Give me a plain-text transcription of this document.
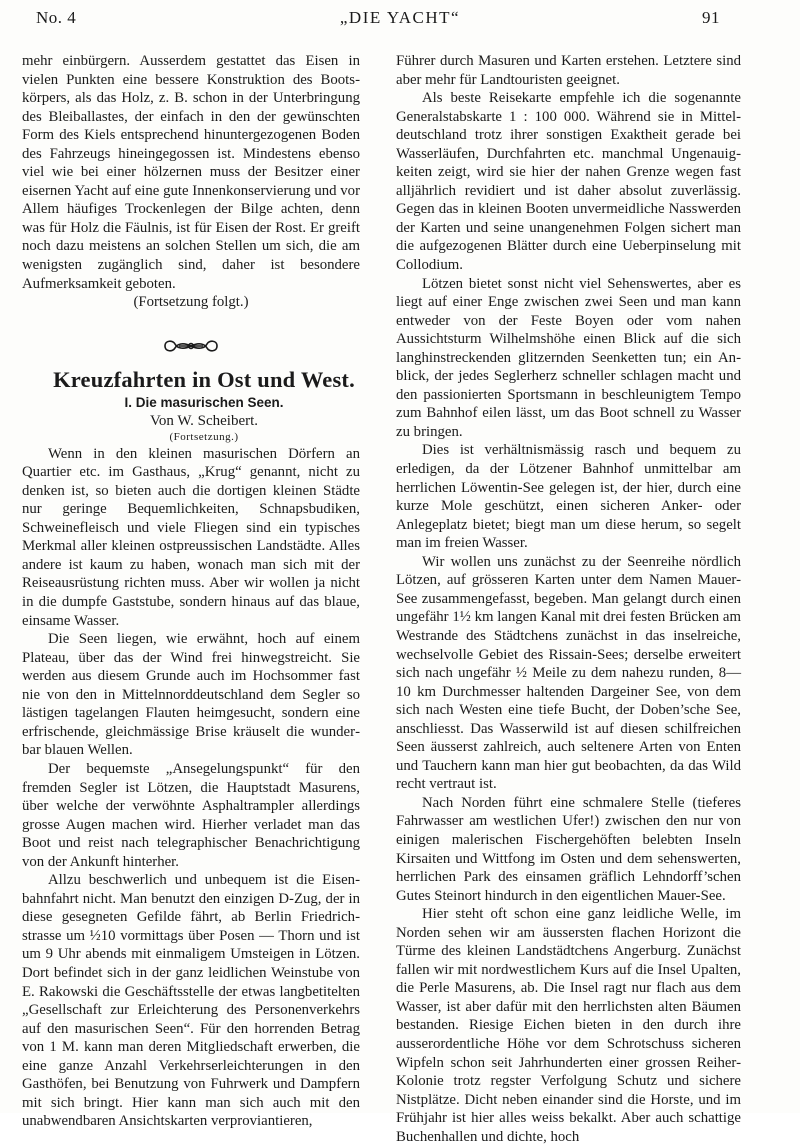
„DIE YACHT“
No. 4	91

mehr einbürgern. Ausserdem gestattet das Eisen in vielen Punkten eine bessere Konstruktion des Bootskörpers, als das Holz, z. B. schon in der Unterbringung des Bleiballastes, der einfach in den der gewünschten Form des Kiels entsprechend hinuntergezogenen Boden des Fahrzeugs hineingegossen ist. Mindestens ebenso viel wie bei einer hölzernen muss der Besitzer einer eisernen Yacht auf eine gute Innenkonservierung und vor Allem häufiges Trockenlegen der Bilge achten, denn was für Holz die Fäulnis, ist für Eisen der Rost. Er greift noch dazu meistens an solchen Stellen um sich, die am wenigsten zugänglich sind, daher ist besondere Aufmerksamkeit geboten.

(Fortsetzung folgt.)

Kreuzfahrten in Ost und West.

I. Die masurischen Seen.

Von W. Scheibert.

(Fortsetzung.)

Wenn in den kleinen masurischen Dörfern an Quartier etc. im Gasthaus, „Krug“ genannt, nicht zu denken ist, so bieten auch die dortigen kleinen Städte nur geringe Bequemlichkeiten, Schnapsbudiken, Schweinefleisch und viele Fliegen sind ein typisches Merkmal aller kleinen ostpreussischen Landstädte. Alles andere ist kaum zu haben, wonach man sich mit der Reiseausrüstung richten muss. Aber wir wollen ja nicht in die dumpfe Gaststube, sondern hinaus auf das blaue, einsame Wasser.

Die Seen liegen, wie erwähnt, hoch auf einem Plateau, über das der Wind frei hinwegstreicht. Sie werden aus diesem Grunde auch im Hochsommer fast nie von den in Mittelnnorddeutschland dem Segler so lästigen tagelangen Flauten heimgesucht, sondern eine erfrischende, gleichmässige Brise kräuselt die wunderbar blauen Wellen.

Der bequemste „Ansegelungspunkt“ für den fremden Segler ist Lötzen, die Hauptstadt Masurens, über welche der verwöhnte Asphaltrampler allerdings grosse Augen machen wird. Hierher verladet man das Boot und reist nach telegraphischer Benachrichtigung von der Ankunft hinterher.

Allzu beschwerlich und unbequem ist die Eisenbahnfahrt nicht. Man benutzt den einzigen D-Zug, der in diese gesegneten Gefilde fährt, ab Berlin Friedrichstrasse um ½10 vormittags über Posen — Thorn und ist um 9 Uhr abends mit einmaligem Umsteigen in Lötzen. Dort befindet sich in der ganz leidlichen Weinstube von E. Rakowski die Geschäftsstelle der etwas langbetitelten „Gesellschaft zur Erleichterung des Personenverkehrs auf den masurischen Seen“. Für den horrenden Betrag von 1 M. kann man deren Mitgliedschaft erwerben, die eine ganze Anzahl Verkehrserleichterungen in den Gasthöfen, bei Benutzung von Fuhrwerk und Dampfern mit sich bringt. Hier kann man sich auch mit den unabwendbaren Ansichtskarten verproviantieren,

Führer durch Masuren und Karten erstehen. Letztere sind aber mehr für Landtouristen geeignet.

Als beste Reisekarte empfehle ich die sogenannte Generalstabskarte 1 : 100 000. Während sie in Mitteldeutschland trotz ihrer sonstigen Exaktheit gerade bei Wasserläufen, Durchfahrten etc. manchmal Ungenauigkeiten zeigt, wird sie hier der nahen Grenze wegen fast alljährlich revidiert und ist daher absolut zuverlässig. Gegen das in kleinen Booten unvermeidliche Nasswerden der Karten und seine unangenehmen Folgen sichert man die aufgezogenen Blätter durch eine Ueberpinselung mit Collodium.

Lötzen bietet sonst nicht viel Sehenswertes, aber es liegt auf einer Enge zwischen zwei Seen und man kann entweder von der Feste Boyen oder vom nahen Aussichtsturm Wilhelmshöhe einen Blick auf die sich langhinstreckenden glitzernden Seenketten tun; ein Anblick, der jedes Seglerherz schneller schlagen macht und den passionierten Sportsmann in beschleunigtem Tempo zum Bahnhof eilen lässt, um das Boot schnell zu Wasser zu bringen.

Dies ist verhältnismässig rasch und bequem zu erledigen, da der Lötzener Bahnhof unmittelbar am herrlichen Löwentin-See gelegen ist, der hier, durch eine kurze Mole geschützt, einen sicheren Anker- oder Anlegeplatz bietet; biegt man um diese herum, so segelt man im freien Wasser.

Wir wollen uns zunächst zu der Seenreihe nördlich Lötzen, auf grösseren Karten unter dem Namen Mauer-See zusammengefasst, begeben. Man gelangt durch einen ungefähr 1½ km langen Kanal mit drei festen Brücken am Westrande des Städtchens zunächst in das inselreiche, wechselvolle Gebiet des Rissain-Sees; derselbe erweitert sich nach ungefähr ½ Meile zu dem nahezu runden, 8—10 km Durchmesser haltenden Dargeiner See, von dem sich nach Westen eine tiefe Bucht, der Doben’sche See, anschliesst. Das Wasserwild ist auf diesen schilfreichen Seen äusserst zahlreich, auch seltenere Arten von Enten und Tauchern kann man hier gut beobachten, da das Wild recht vertraut ist.

Nach Norden führt eine schmalere Stelle (tieferes Fahrwasser am westlichen Ufer!) zwischen den nur von einigen malerischen Fischergehöften belebten Inseln Kirsaiten und Wittfong im Osten und dem sehenswerten, herrlichen Park des einsamen gräflich Lehndorff’schen Gutes Steinort hindurch in den eigentlichen Mauer-See.

Hier steht oft schon eine ganz leidliche Welle, im Norden sehen wir am äussersten flachen Horizont die Türme des kleinen Landstädtchens Angerburg. Zunächst fallen wir mit nordwestlichem Kurs auf die Insel Upalten, die Perle Masurens, ab. Die Insel ragt nur flach aus dem Wasser, ist aber dafür mit den herrlichsten alten Bäumen bestanden. Riesige Eichen bieten in den durch ihre ausserordentliche Höhe vor dem Schrotschuss sicheren Wipfeln schon seit Jahrhunderten einer grossen Reiher-Kolonie trotz regster Verfolgung Schutz und sichere Nistplätze. Dicht neben einander sind die Horste, und im Frühjahr ist hier alles weiss bekalkt. Aber auch schattige Buchenhallen und dichte, hoch
